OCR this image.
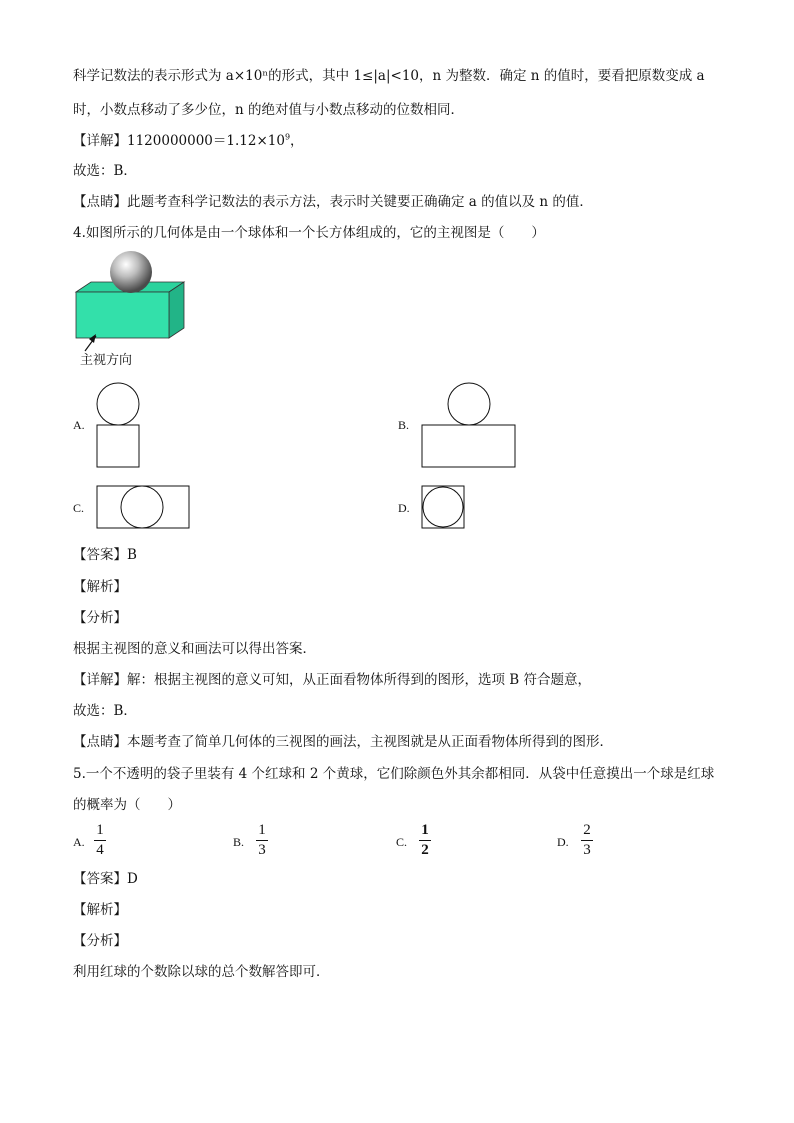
科学记数法的表示形式为 a×10ⁿ的形式，其中 1≤|a|<10，n 为整数．确定 n 的值时，要看把原数变成 a
时，小数点移动了多少位，n 的绝对值与小数点移动的位数相同．
【详解】$1120000000=1.12\times 10^9$，
故选：B．
【点睛】此题考查科学记数法的表示方法，表示时关键要正确确定 a 的值以及 n 的值．
4.如图所示的几何体是由一个球体和一个长方体组成的，它的主视图是（　　）
主视方向
A.	B.
C.	D.
【答案】B
【解析】
【分析】
根据主视图的意义和画法可以得出答案．
【详解】解：根据主视图的意义可知，从正面看物体所得到的图形，选项 B 符合题意，
故选：B．
【点睛】本题考查了简单几何体的三视图的画法，主视图就是从正面看物体所得到的图形．
5.一个不透明的袋子里装有 4 个红球和 2 个黄球，它们除颜色外其余都相同．从袋中任意摸出一个球是红球
的概率为（　　）
A.
1
4	B.
1
3	C.
1
2	D.
2
3
【答案】D
【解析】
【分析】
利用红球的个数除以球的总个数解答即可．
